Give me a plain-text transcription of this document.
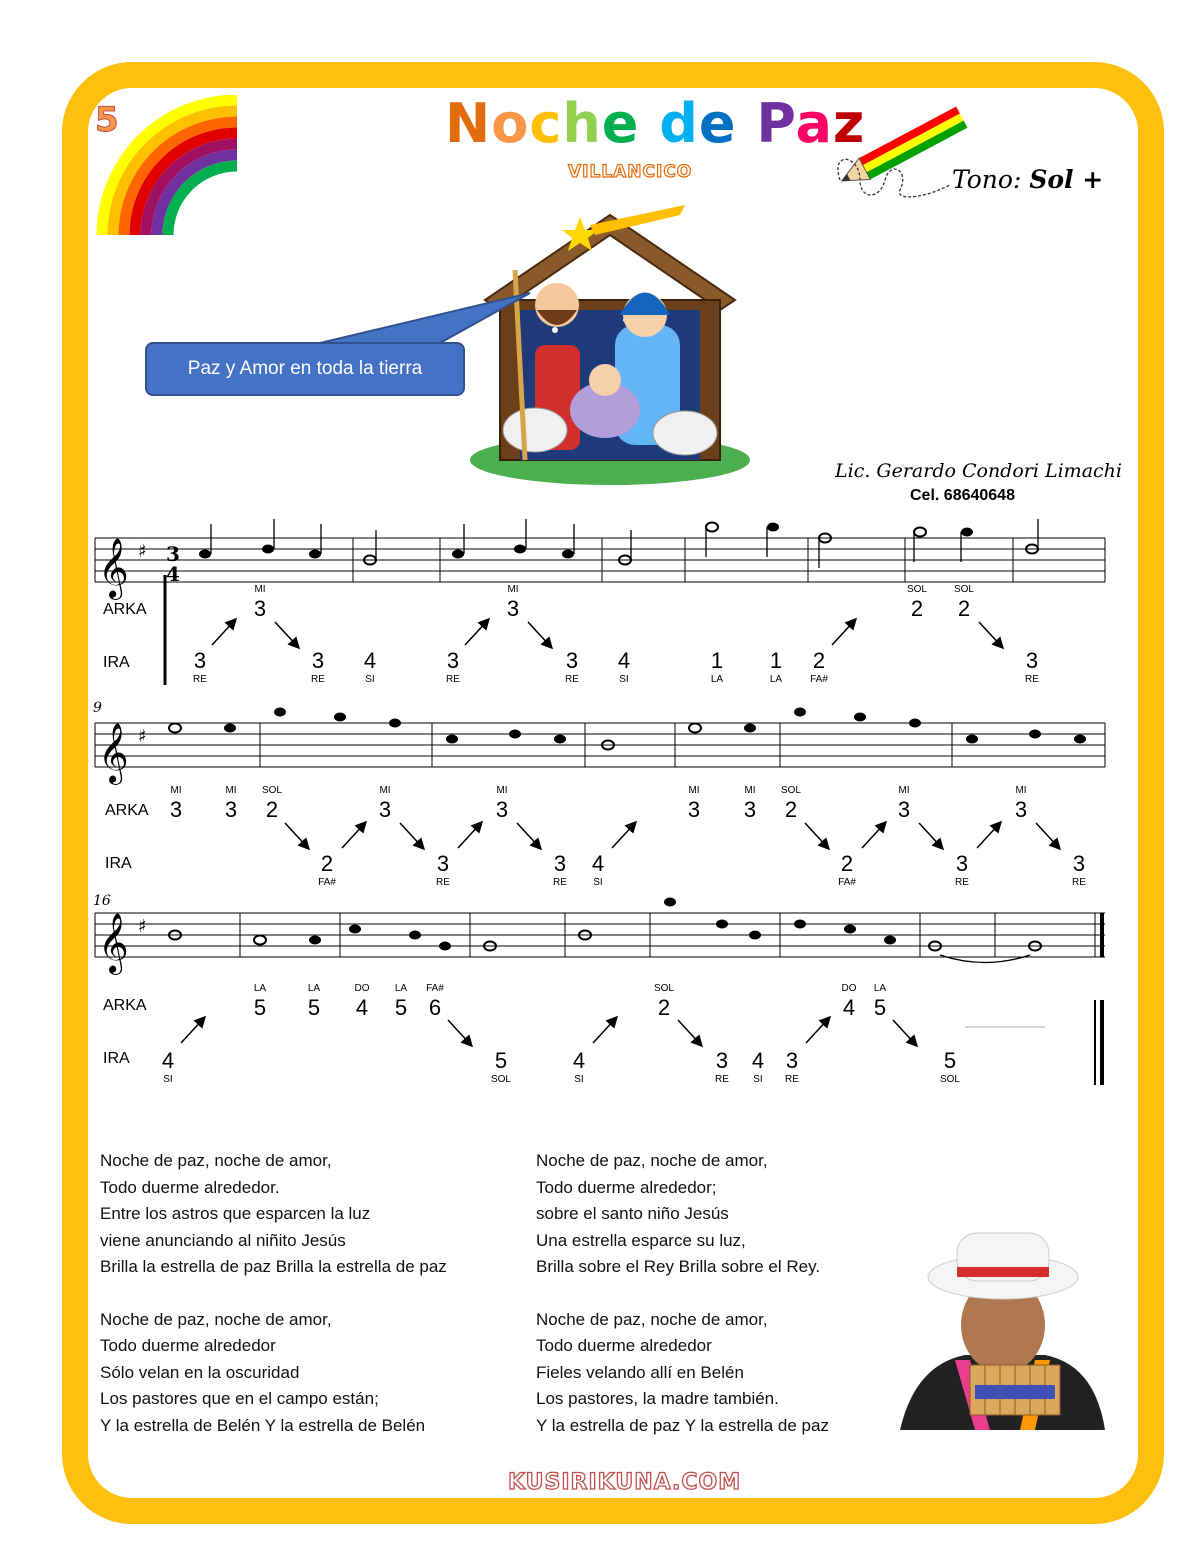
5	Noche de Paz
VILLANCICO	Tono: Sol +
Paz y Amor en toda la tierra
Lic. Gerardo Condori Limachi
Cel. 68640648
𝄞 ♯ 3
4
𝄞 ♯
𝄞 ♯
9
16
ARKA
IRA
ARKA
IRA
ARKA
IRA
3
MI
3
MI
2
SOL
2
SOL
3
RE
3
RE
4
SI
3
RE
3
RE
4
SI
1
LA
1
LA
2
FA#
3
RE
3
MI
3
MI
2
SOL
3
MI
3
MI
3
MI
3
MI
2
SOL
3
MI
3
MI
2
FA#
3
RE
3
RE
4
SI
2
FA#
3
RE
3
RE
5
LA
5
LA
4
DO
5
LA
6
FA#
2
SOL
4
DO
5
LA
4
SI
5
SOL
4
SI
3
RE
4
SI
3
RE
5
SOL

Noche de paz, noche de amor,
Todo duerme alrededor.
Entre los astros que esparcen la luz
viene anunciando al niñito Jesús
Brilla la estrella de paz Brilla la estrella de paz

Noche de paz, noche de amor,
Todo duerme alrededor
Sólo velan en la oscuridad
Los pastores que en el campo están;
Y la estrella de Belén Y la estrella de Belén

Noche de paz, noche de amor,
Todo duerme alrededor;
sobre el santo niño Jesús
Una estrella esparce su luz,
Brilla sobre el Rey Brilla sobre el Rey.

Noche de paz, noche de amor,
Todo duerme alrededor
Fieles velando allí en Belén
Los pastores, la madre también.
Y la estrella de paz Y la estrella de paz

KUSIRIKUNA.COM
